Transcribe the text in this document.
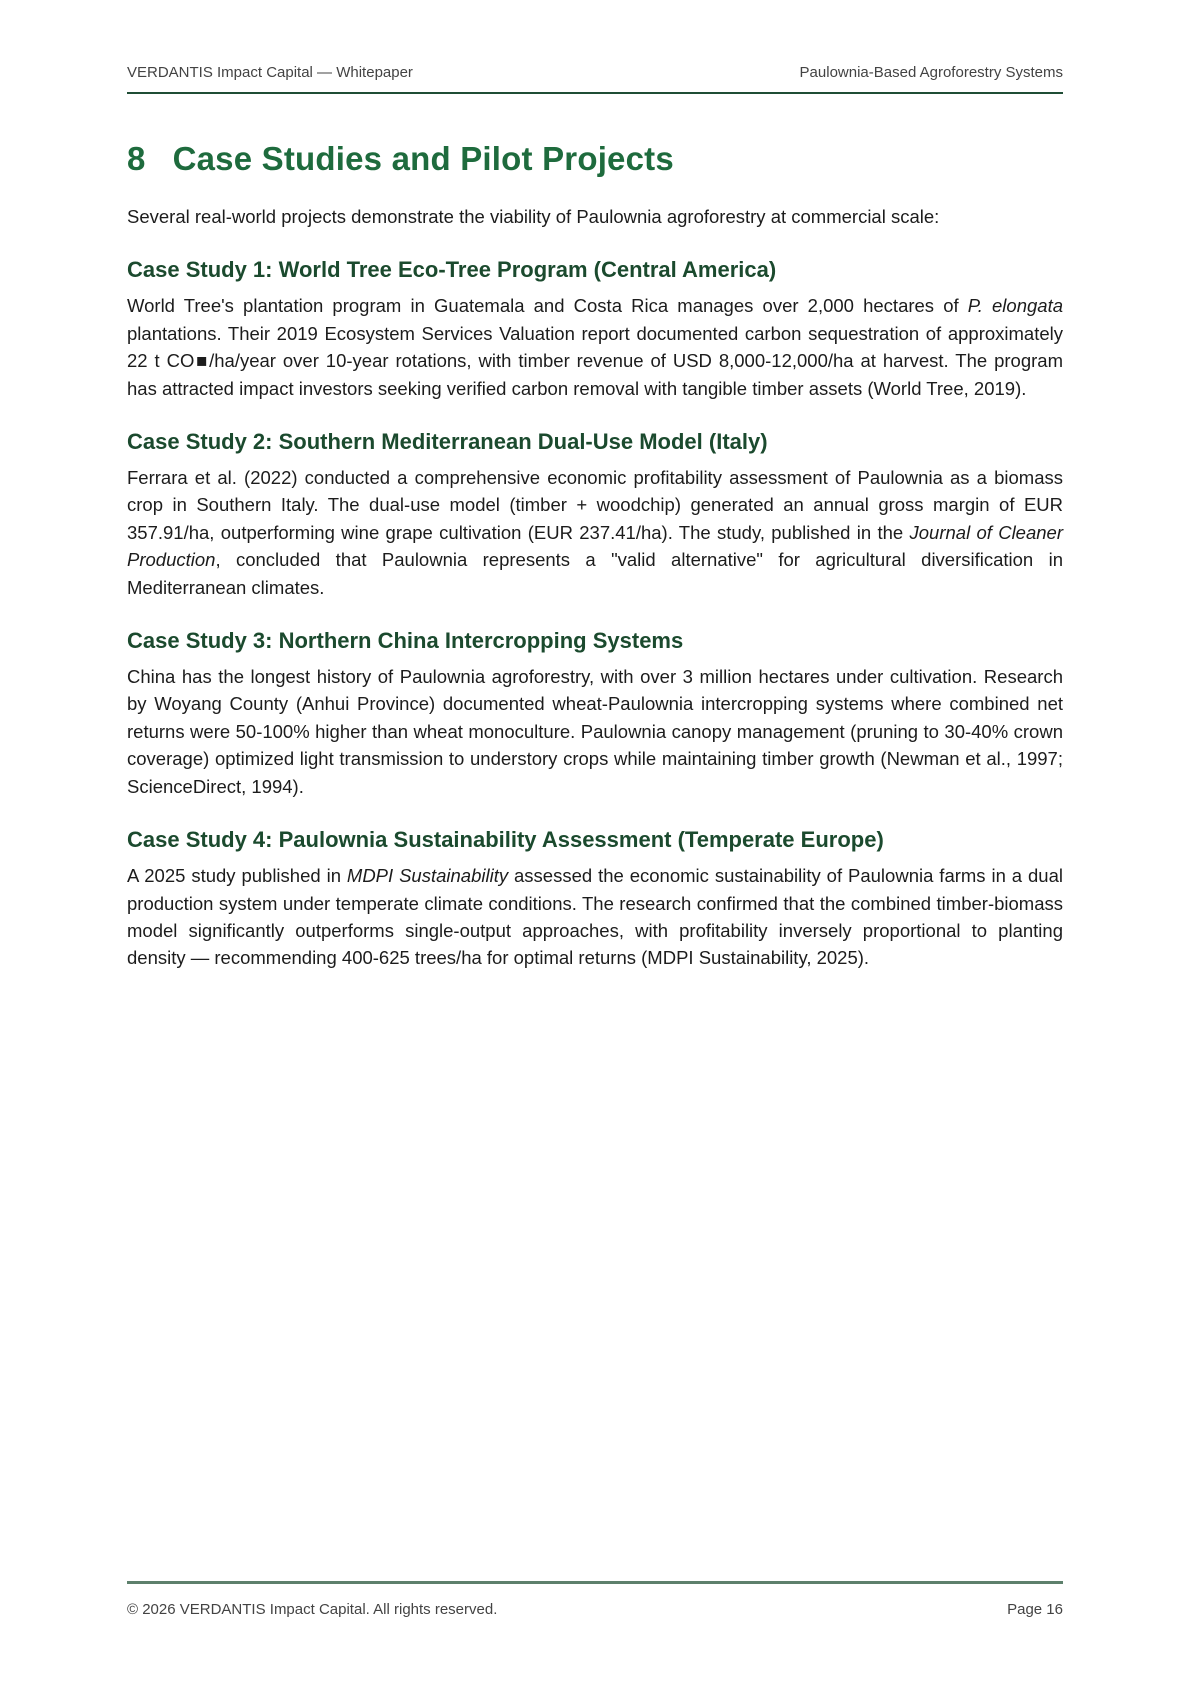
VERDANTIS Impact Capital — Whitepaper	Paulownia-Based Agroforestry Systems
8 Case Studies and Pilot Projects

Several real-world projects demonstrate the viability of Paulownia agroforestry at commercial scale:

Case Study 1: World Tree Eco-Tree Program (Central America)

World Tree's plantation program in Guatemala and Costa Rica manages over 2,000 hectares of P. elongata plantations. Their 2019 Ecosystem Services Valuation report documented carbon sequestration of approximately 22 t CO■/ha/year over 10-year rotations, with timber revenue of USD 8,000-12,000/ha at harvest. The program has attracted impact investors seeking verified carbon removal with tangible timber assets (World Tree, 2019).

Case Study 2: Southern Mediterranean Dual-Use Model (Italy)

Ferrara et al. (2022) conducted a comprehensive economic profitability assessment of Paulownia as a biomass crop in Southern Italy. The dual-use model (timber + woodchip) generated an annual gross margin of EUR 357.91/ha, outperforming wine grape cultivation (EUR 237.41/ha). The study, published in the Journal of Cleaner Production, concluded that Paulownia represents a "valid alternative" for agricultural diversification in Mediterranean climates.

Case Study 3: Northern China Intercropping Systems

China has the longest history of Paulownia agroforestry, with over 3 million hectares under cultivation. Research by Woyang County (Anhui Province) documented wheat-Paulownia intercropping systems where combined net returns were 50-100% higher than wheat monoculture. Paulownia canopy management (pruning to 30-40% crown coverage) optimized light transmission to understory crops while maintaining timber growth (Newman et al., 1997; ScienceDirect, 1994).

Case Study 4: Paulownia Sustainability Assessment (Temperate Europe)

A 2025 study published in MDPI Sustainability assessed the economic sustainability of Paulownia farms in a dual production system under temperate climate conditions. The research confirmed that the combined timber-biomass model significantly outperforms single-output approaches, with profitability inversely proportional to planting density — recommending 400-625 trees/ha for optimal returns (MDPI Sustainability, 2025).

© 2026 VERDANTIS Impact Capital. All rights reserved.	Page 16
